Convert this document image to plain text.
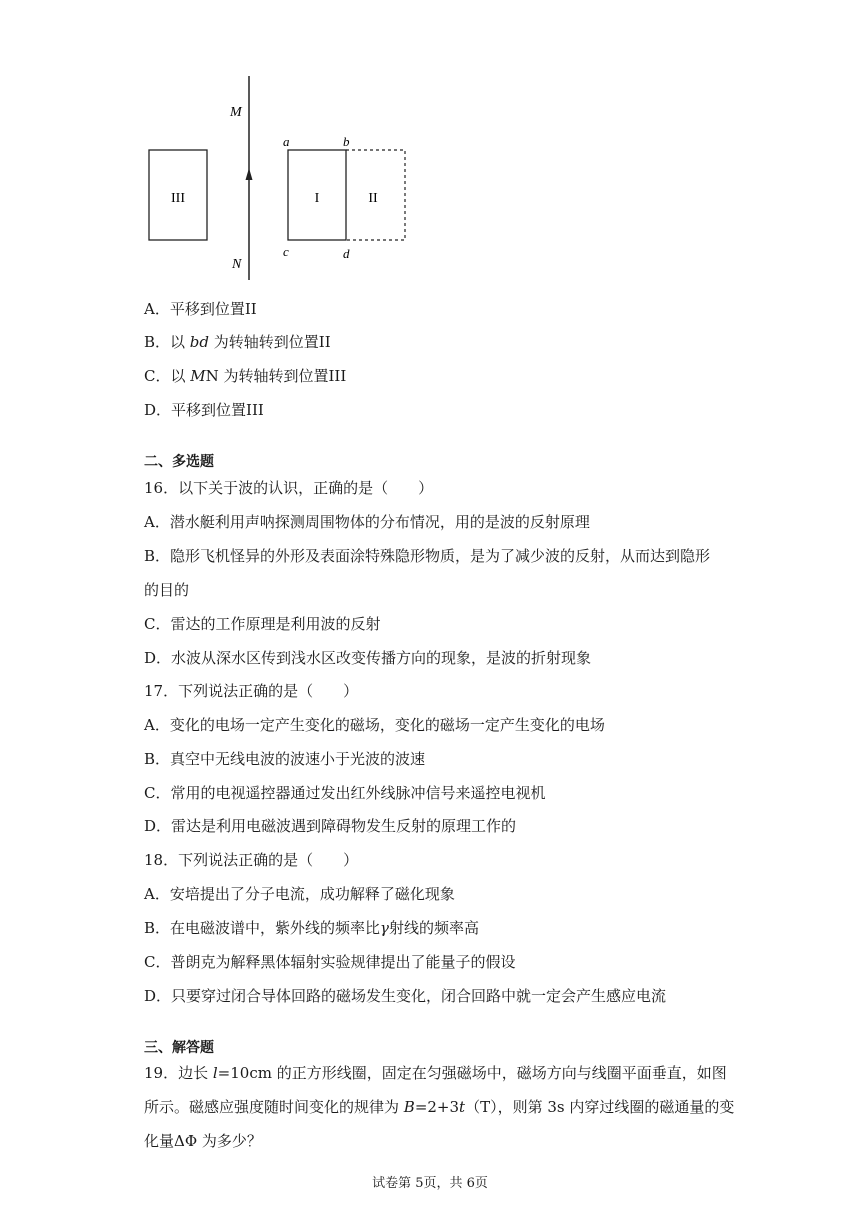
M
N
III	I	II
a	b
c	d
A．平移到位置II
B．以 bd 为转轴转到位置II
C．以 MN 为转轴转到位置III
D．平移到位置III
二、多选题
16．以下关于波的认识，正确的是（　　）
A．潜水艇利用声呐探测周围物体的分布情况，用的是波的反射原理
B．隐形飞机怪异的外形及表面涂特殊隐形物质，是为了减少波的反射，从而达到隐形
的目的
C．雷达的工作原理是利用波的反射
D．水波从深水区传到浅水区改变传播方向的现象，是波的折射现象
17．下列说法正确的是（　　）
A．变化的电场一定产生变化的磁场，变化的磁场一定产生变化的电场
B．真空中无线电波的波速小于光波的波速
C．常用的电视遥控器通过发出红外线脉冲信号来遥控电视机
D．雷达是利用电磁波遇到障碍物发生反射的原理工作的
18．下列说法正确的是（　　）
A．安培提出了分子电流，成功解释了磁化现象
B．在电磁波谱中，紫外线的频率比γ射线的频率高
C．普朗克为解释黑体辐射实验规律提出了能量子的假设
D．只要穿过闭合导体回路的磁场发生变化，闭合回路中就一定会产生感应电流
三、解答题
19．边长 l=10cm 的正方形线圈，固定在匀强磁场中，磁场方向与线圈平面垂直，如图
所示。磁感应强度随时间变化的规律为 B=2+3t（T），则第 3s 内穿过线圈的磁通量的变
化量ΔΦ 为多少？
试卷第 5页，共 6页
